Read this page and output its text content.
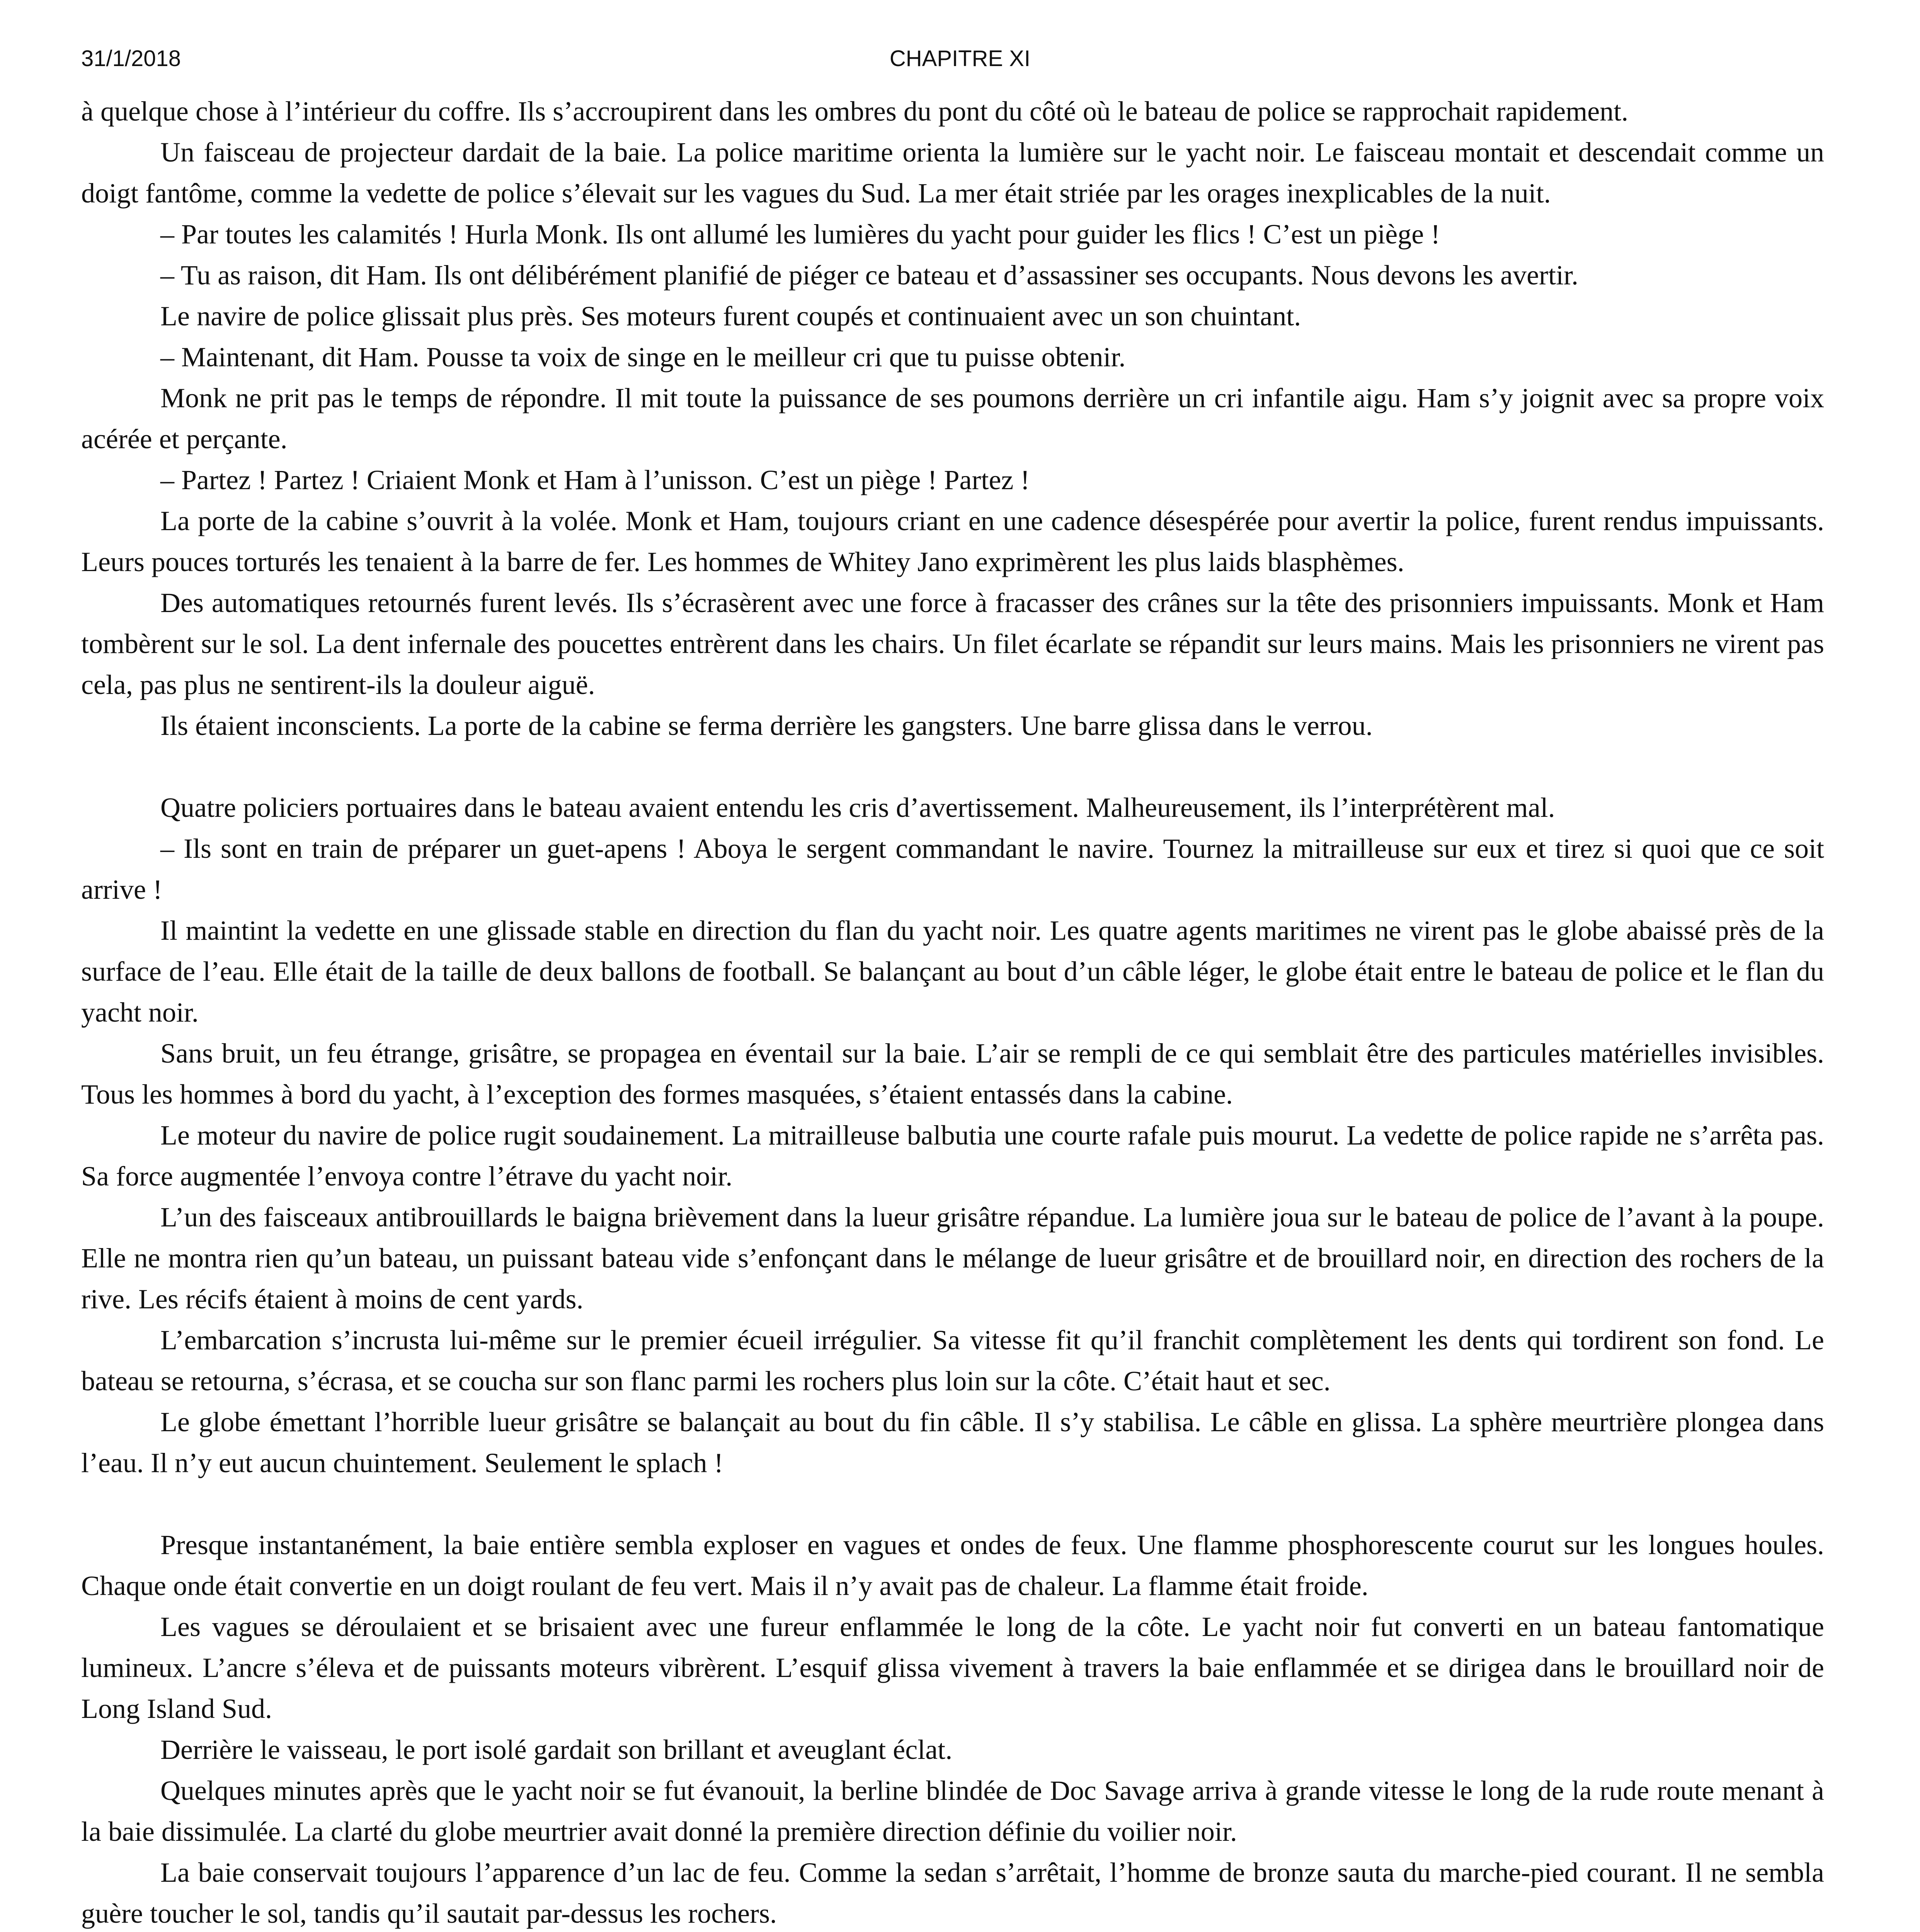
31/1/2018	CHAPITRE XI

à quelque chose à l’intérieur du coffre. Ils s’accroupirent dans les ombres du pont du côté où le bateau de police se rapprochait rapidement.

Un faisceau de projecteur dardait de la baie. La police maritime orienta la lumière sur le yacht noir. Le faisceau montait et descendait comme un doigt fantôme, comme la vedette de police s’élevait sur les vagues du Sud. La mer était striée par les orages inexplicables de la nuit.

– Par toutes les calamités ! Hurla Monk. Ils ont allumé les lumières du yacht pour guider les flics ! C’est un piège !

– Tu as raison, dit Ham. Ils ont délibérément planifié de piéger ce bateau et d’assassiner ses occupants. Nous devons les avertir.

Le navire de police glissait plus près. Ses moteurs furent coupés et continuaient avec un son chuintant.

– Maintenant, dit Ham. Pousse ta voix de singe en le meilleur cri que tu puisse obtenir.

Monk ne prit pas le temps de répondre. Il mit toute la puissance de ses poumons derrière un cri infantile aigu. Ham s’y joignit avec sa propre voix acérée et perçante.

– Partez ! Partez ! Criaient Monk et Ham à l’unisson. C’est un piège ! Partez !

La porte de la cabine s’ouvrit à la volée. Monk et Ham, toujours criant en une cadence désespérée pour avertir la police, furent rendus impuissants. Leurs pouces torturés les tenaient à la barre de fer. Les hommes de Whitey Jano exprimèrent les plus laids blasphèmes.

Des automatiques retournés furent levés. Ils s’écrasèrent avec une force à fracasser des crânes sur la tête des prisonniers impuissants. Monk et Ham tombèrent sur le sol. La dent infernale des poucettes entrèrent dans les chairs. Un filet écarlate se répandit sur leurs mains. Mais les prisonniers ne virent pas cela, pas plus ne sentirent-ils la douleur aiguë.

Ils étaient inconscients. La porte de la cabine se ferma derrière les gangsters. Une barre glissa dans le verrou.

Quatre policiers portuaires dans le bateau avaient entendu les cris d’avertissement. Malheureusement, ils l’interprétèrent mal.

– Ils sont en train de préparer un guet-apens ! Aboya le sergent commandant le navire. Tournez la mitrailleuse sur eux et tirez si quoi que ce soit arrive !

Il maintint la vedette en une glissade stable en direction du flan du yacht noir. Les quatre agents maritimes ne virent pas le globe abaissé près de la surface de l’eau. Elle était de la taille de deux ballons de football. Se balançant au bout d’un câble léger, le globe était entre le bateau de police et le flan du yacht noir.

Sans bruit, un feu étrange, grisâtre, se propagea en éventail sur la baie. L’air se rempli de ce qui semblait être des particules matérielles invisibles. Tous les hommes à bord du yacht, à l’exception des formes masquées, s’étaient entassés dans la cabine.

Le moteur du navire de police rugit soudainement. La mitrailleuse balbutia une courte rafale puis mourut. La vedette de police rapide ne s’arrêta pas. Sa force augmentée l’envoya contre l’étrave du yacht noir.

L’un des faisceaux antibrouillards le baigna brièvement dans la lueur grisâtre répandue. La lumière joua sur le bateau de police de l’avant à la poupe. Elle ne montra rien qu’un bateau, un puissant bateau vide s’enfonçant dans le mélange de lueur grisâtre et de brouillard noir, en direction des rochers de la rive. Les récifs étaient à moins de cent yards.

L’embarcation s’incrusta lui-même sur le premier écueil irrégulier. Sa vitesse fit qu’il franchit complètement les dents qui tordirent son fond. Le bateau se retourna, s’écrasa, et se coucha sur son flanc parmi les rochers plus loin sur la côte. C’était haut et sec.

Le globe émettant l’horrible lueur grisâtre se balançait au bout du fin câble. Il s’y stabilisa. Le câble en glissa. La sphère meurtrière plongea dans l’eau. Il n’y eut aucun chuintement. Seulement le splach !

Presque instantanément, la baie entière sembla exploser en vagues et ondes de feux. Une flamme phosphorescente courut sur les longues houles. Chaque onde était convertie en un doigt roulant de feu vert. Mais il n’y avait pas de chaleur. La flamme était froide.

Les vagues se déroulaient et se brisaient avec une fureur enflammée le long de la côte. Le yacht noir fut converti en un bateau fantomatique lumineux. L’ancre s’éleva et de puissants moteurs vibrèrent. L’esquif glissa vivement à travers la baie enflammée et se dirigea dans le brouillard noir de Long Island Sud.

Derrière le vaisseau, le port isolé gardait son brillant et aveuglant éclat.

Quelques minutes après que le yacht noir se fut évanouit, la berline blindée de Doc Savage arriva à grande vitesse le long de la rude route menant à la baie dissimulée. La clarté du globe meurtrier avait donné la première direction définie du voilier noir.

La baie conservait toujours l’apparence d’un lac de feu. Comme la sedan s’arrêtait, l’homme de bronze sauta du marche-pied courant. Il ne sembla guère toucher le sol, tandis qu’il sautait par-dessus les rochers.
